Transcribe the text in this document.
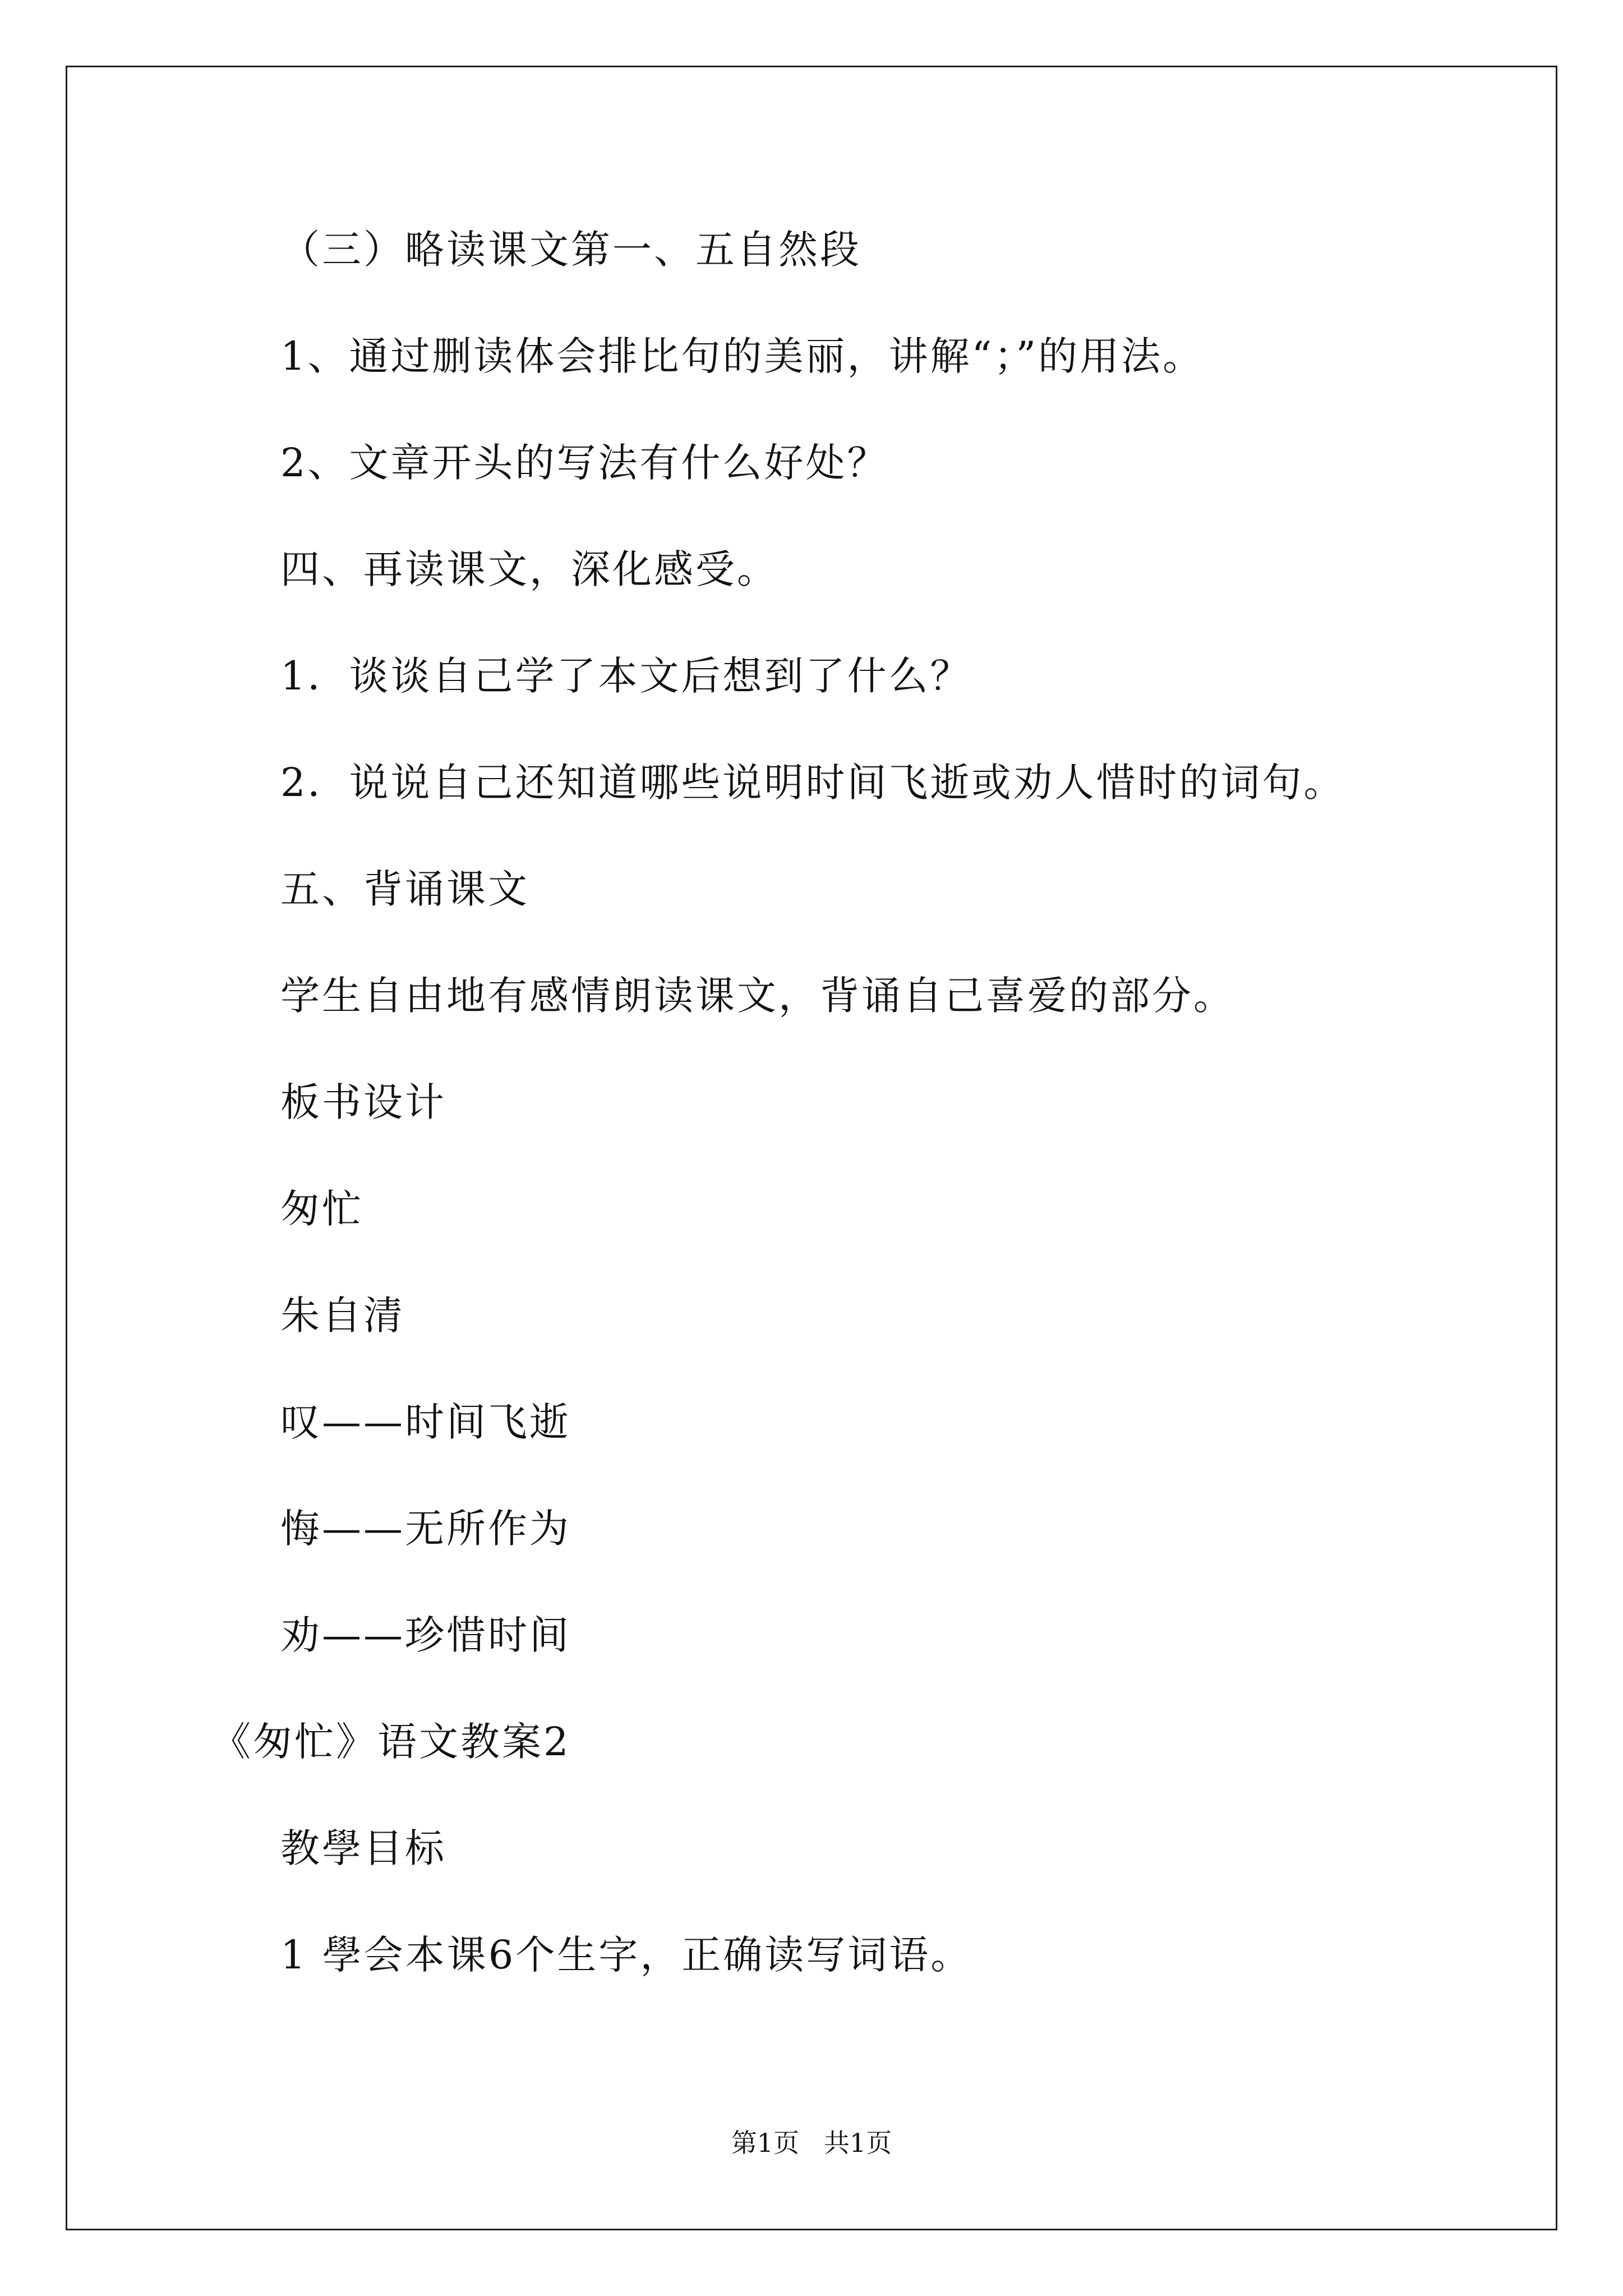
（三）略读课文第一、五自然段
1、通过删读体会排比句的美丽，讲解“；”的用法。
2、文章开头的写法有什么好处？
四、再读课文，深化感受。
1．谈谈自己学了本文后想到了什么？
2．说说自己还知道哪些说明时间飞逝或劝人惜时的词句。
五、背诵课文
学生自由地有感情朗读课文，背诵自己喜爱的部分。
板书设计
匆忙
朱自清
叹——时间飞逝
悔——无所作为
劝——珍惜时间
《匆忙》语文教案2
教學目标
1 學会本课6个生字，正确读写词语。
第1页   共1页
